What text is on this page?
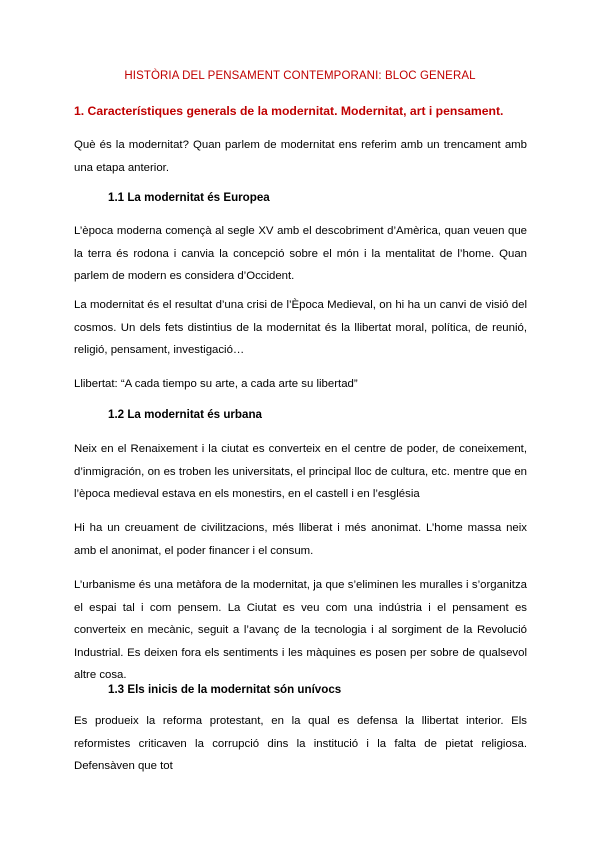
HISTÒRIA DEL PENSAMENT CONTEMPORANI: BLOC GENERAL
1. Característiques generals de la modernitat. Modernitat, art i pensament.
Què és la modernitat? Quan parlem de modernitat ens referim amb un trencament amb una etapa anterior.
1.1 La modernitat és Europea
L’època moderna començà al segle XV amb el descobriment d’Amèrica, quan veuen que la terra és rodona i canvia la concepció sobre el món i la mentalitat de l’home. Quan parlem de modern es considera d’Occident.
La modernitat és el resultat d’una crisi de l’Època Medieval, on hi ha un canvi de visió del cosmos. Un dels fets distintius de la modernitat és la llibertat moral, política, de reunió, religió, pensament, investigació…
Llibertat: “A cada tiempo su arte, a cada arte su libertad”
1.2 La modernitat és urbana
Neix en el Renaixement i la ciutat es converteix en el centre de poder, de coneixement, d’inmigración, on es troben les universitats, el principal lloc de cultura, etc. mentre que en l’època medieval estava en els monestirs, en el castell i en l’església
Hi ha un creuament de civilitzacions, més lliberat i més anonimat. L’home massa neix amb el anonimat, el poder financer i el consum.
L’urbanisme és una metàfora de la modernitat, ja que s’eliminen les muralles i s’organitza el espai tal i com pensem. La Ciutat es veu com una indústria i el pensament es converteix en mecànic, seguit a l’avanç de la tecnologia i al sorgiment de la Revolució Industrial. Es deixen fora els sentiments i les màquines es posen per sobre de qualsevol altre cosa.
1.3 Els inicis de la modernitat són unívocs
Es produeix la reforma protestant, en la qual es defensa la llibertat interior. Els reformistes criticaven la corrupció dins la institució i la falta de pietat religiosa. Defensàven que tot
